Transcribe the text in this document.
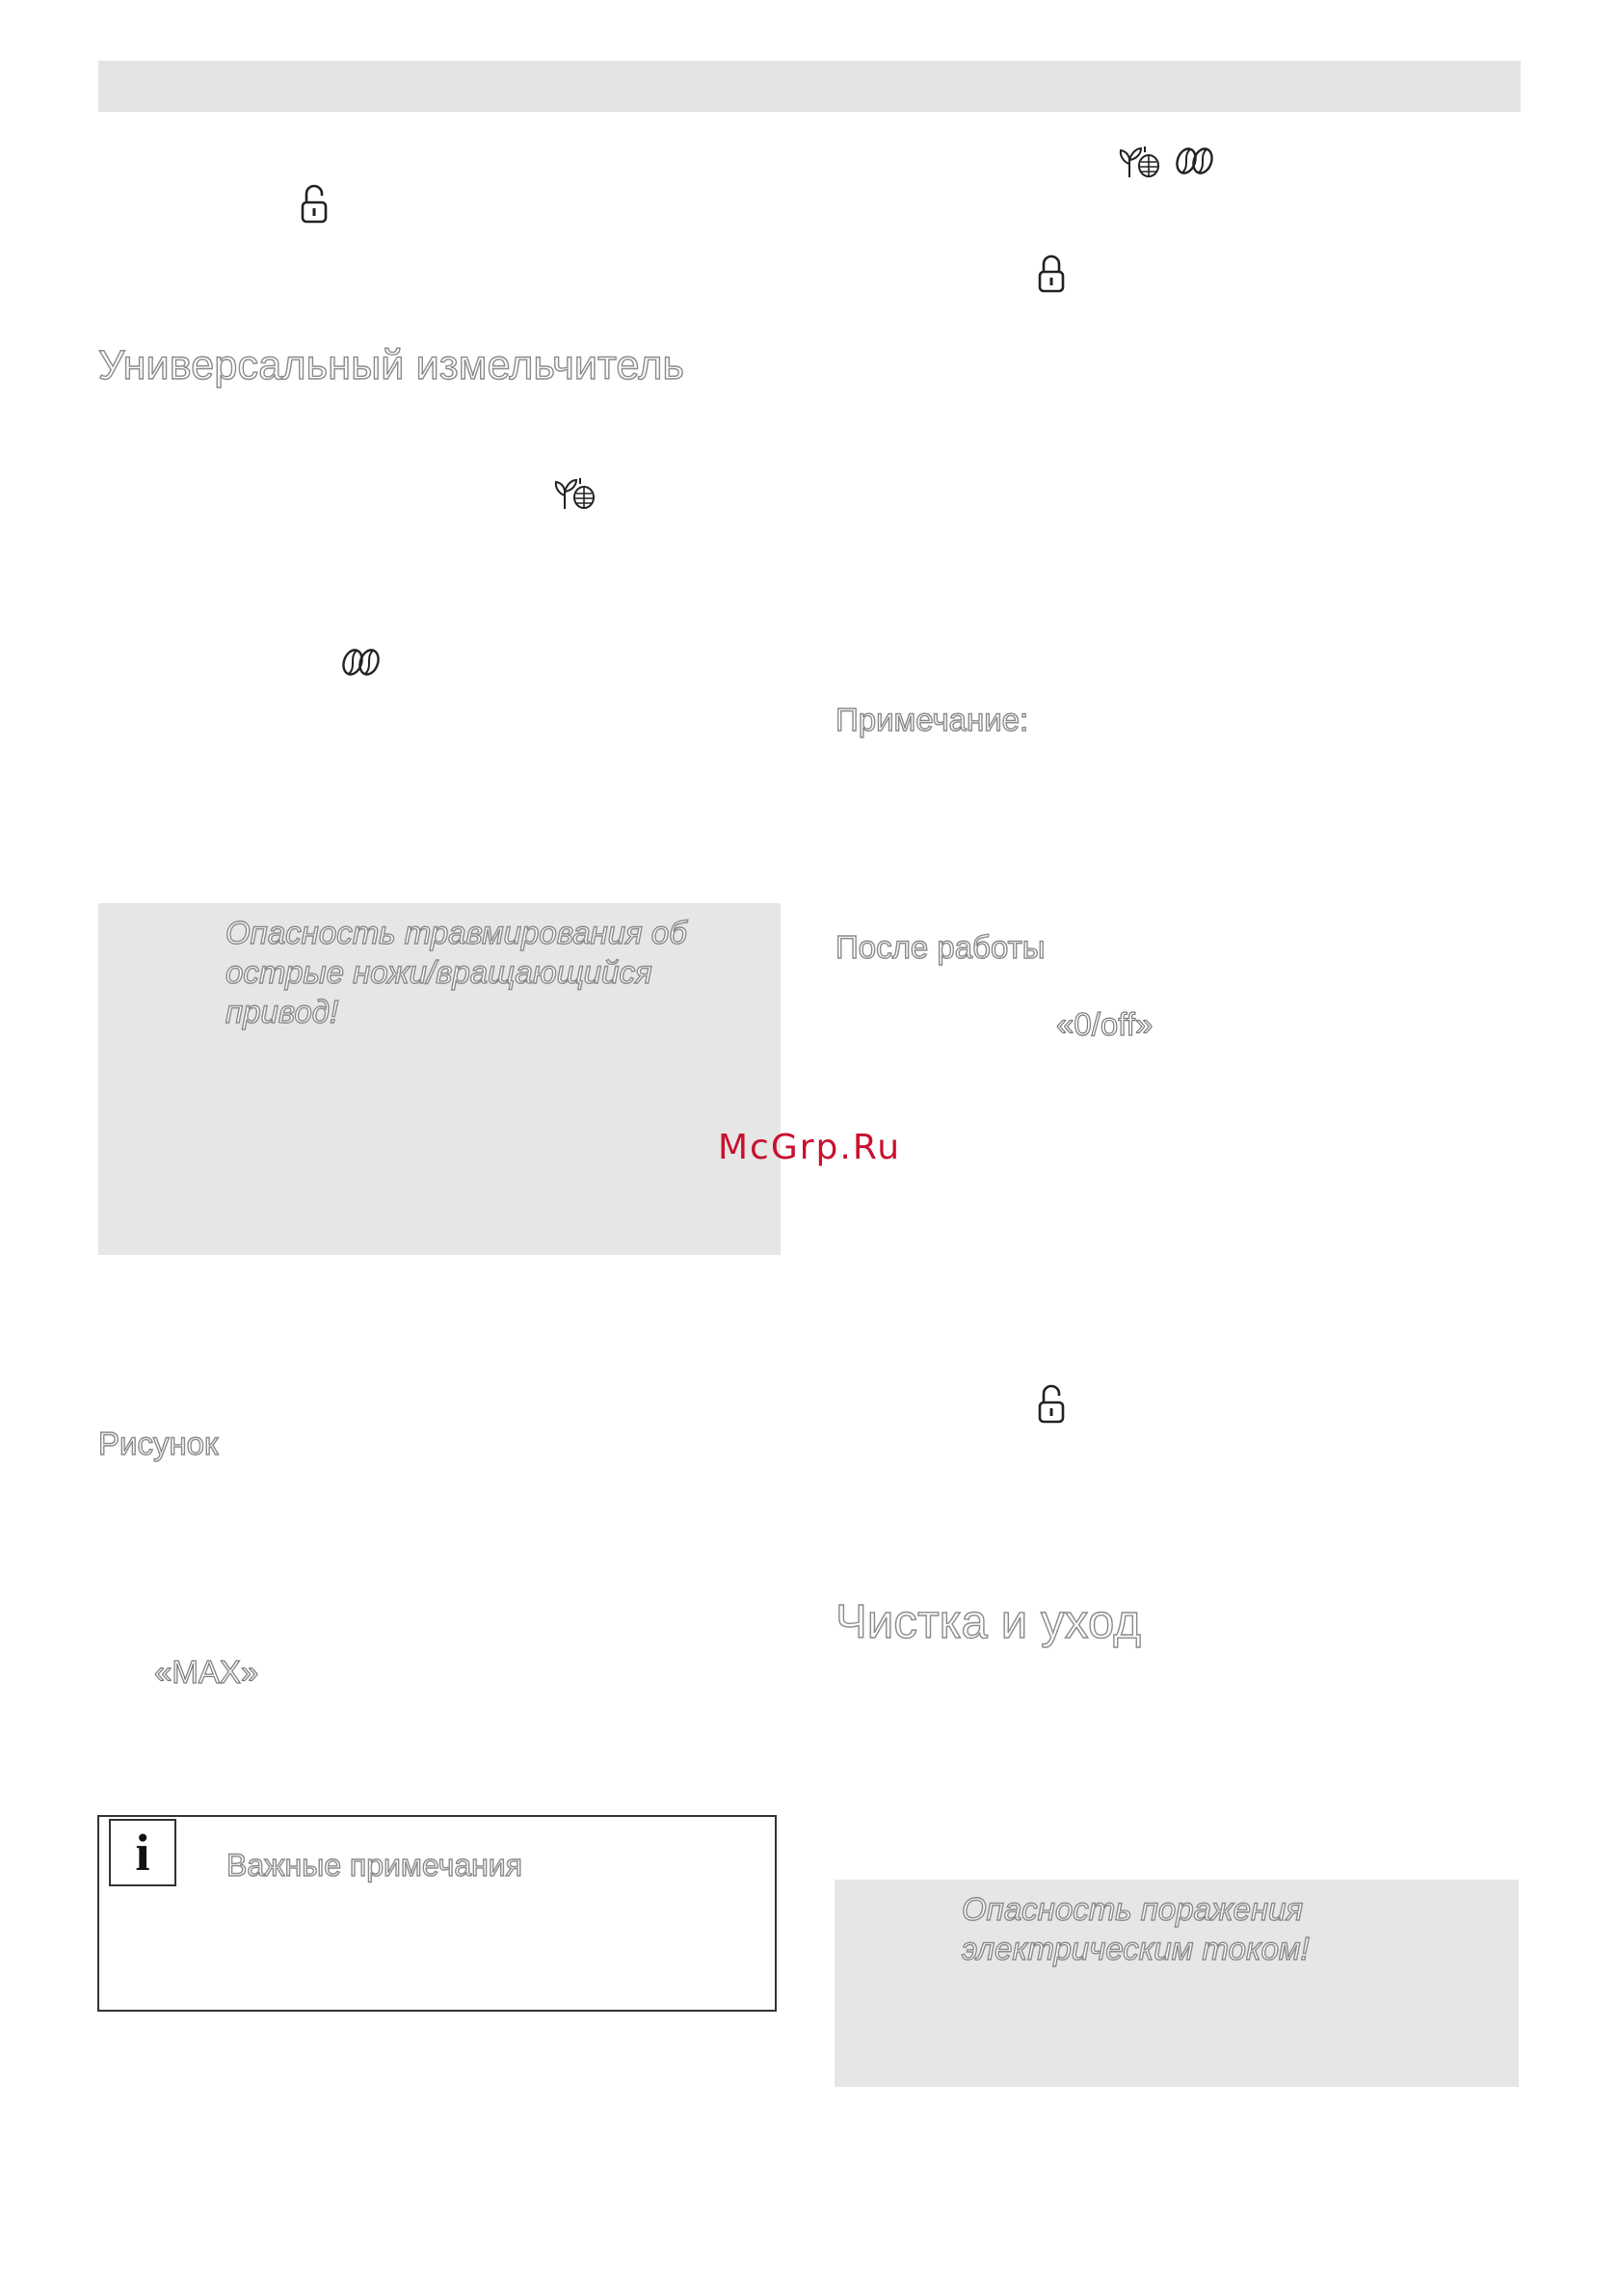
Универсальный измельчитель
Опасность травмирования об
острые ножи/вращающийся
привод!
Рисунок
«MAX»
i Важные примечания
Примечание:
После работы
«0/off»
Чистка и уход
Опасность поражения
электрическим током!
McGrp.Ru
